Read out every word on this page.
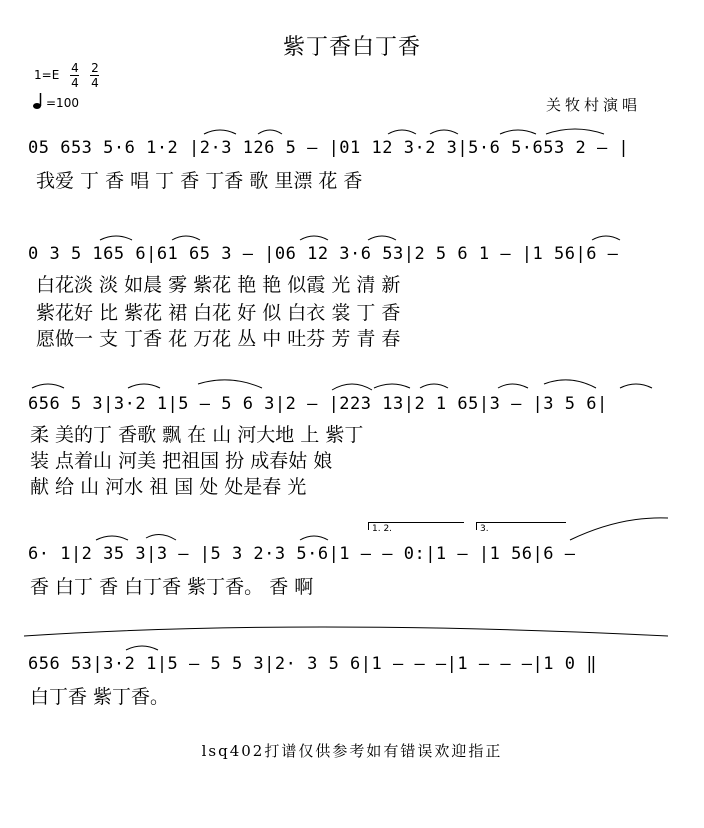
紫丁香白丁香
1=E 4
4
2
4
=100	关牧村演唱
05 653 5·6 1·2 |2·3 126 5 – |01 12 3·2 3|5·6 5·653 2 – |
我爱 丁 香 唱 丁 香 丁香 歌 里漂 花 香
0 3 5 165 6|61 65 3 – |06 12 3·6 53|2 5 6 1 – |1 56|6 –
白花淡 淡 如晨 雾 紫花 艳 艳 似霞 光 清 新
紫花好 比 紫花 裙 白花 好 似 白衣 裳 丁 香
愿做一 支 丁香 花 万花 丛 中 吐芬 芳 青 春
656 5 3|3·2 1|5 – 5 6 3|2 – |223 13|2 1 65|3 – |3 5 6|
柔 美的丁 香歌 飘 在 山 河大地 上 紫丁
装 点着山 河美 把祖国 扮 成春姑 娘
献 给 山 河水 祖 国 处 处是春 光
1. 2.	3.
6· 1|2 35 3|3 – |5 3 2·3 5·6|1 – – 0:|1 – |1 56|6 –
香 白丁 香 白丁香 紫丁香。 香 啊
656 53|3·2 1|5 – 5 5 3|2· 3 5 6|1 – – –|1 – – –|1 0 ‖
白丁香 紫丁香。
lsq402打谱仅供参考如有错误欢迎指正
